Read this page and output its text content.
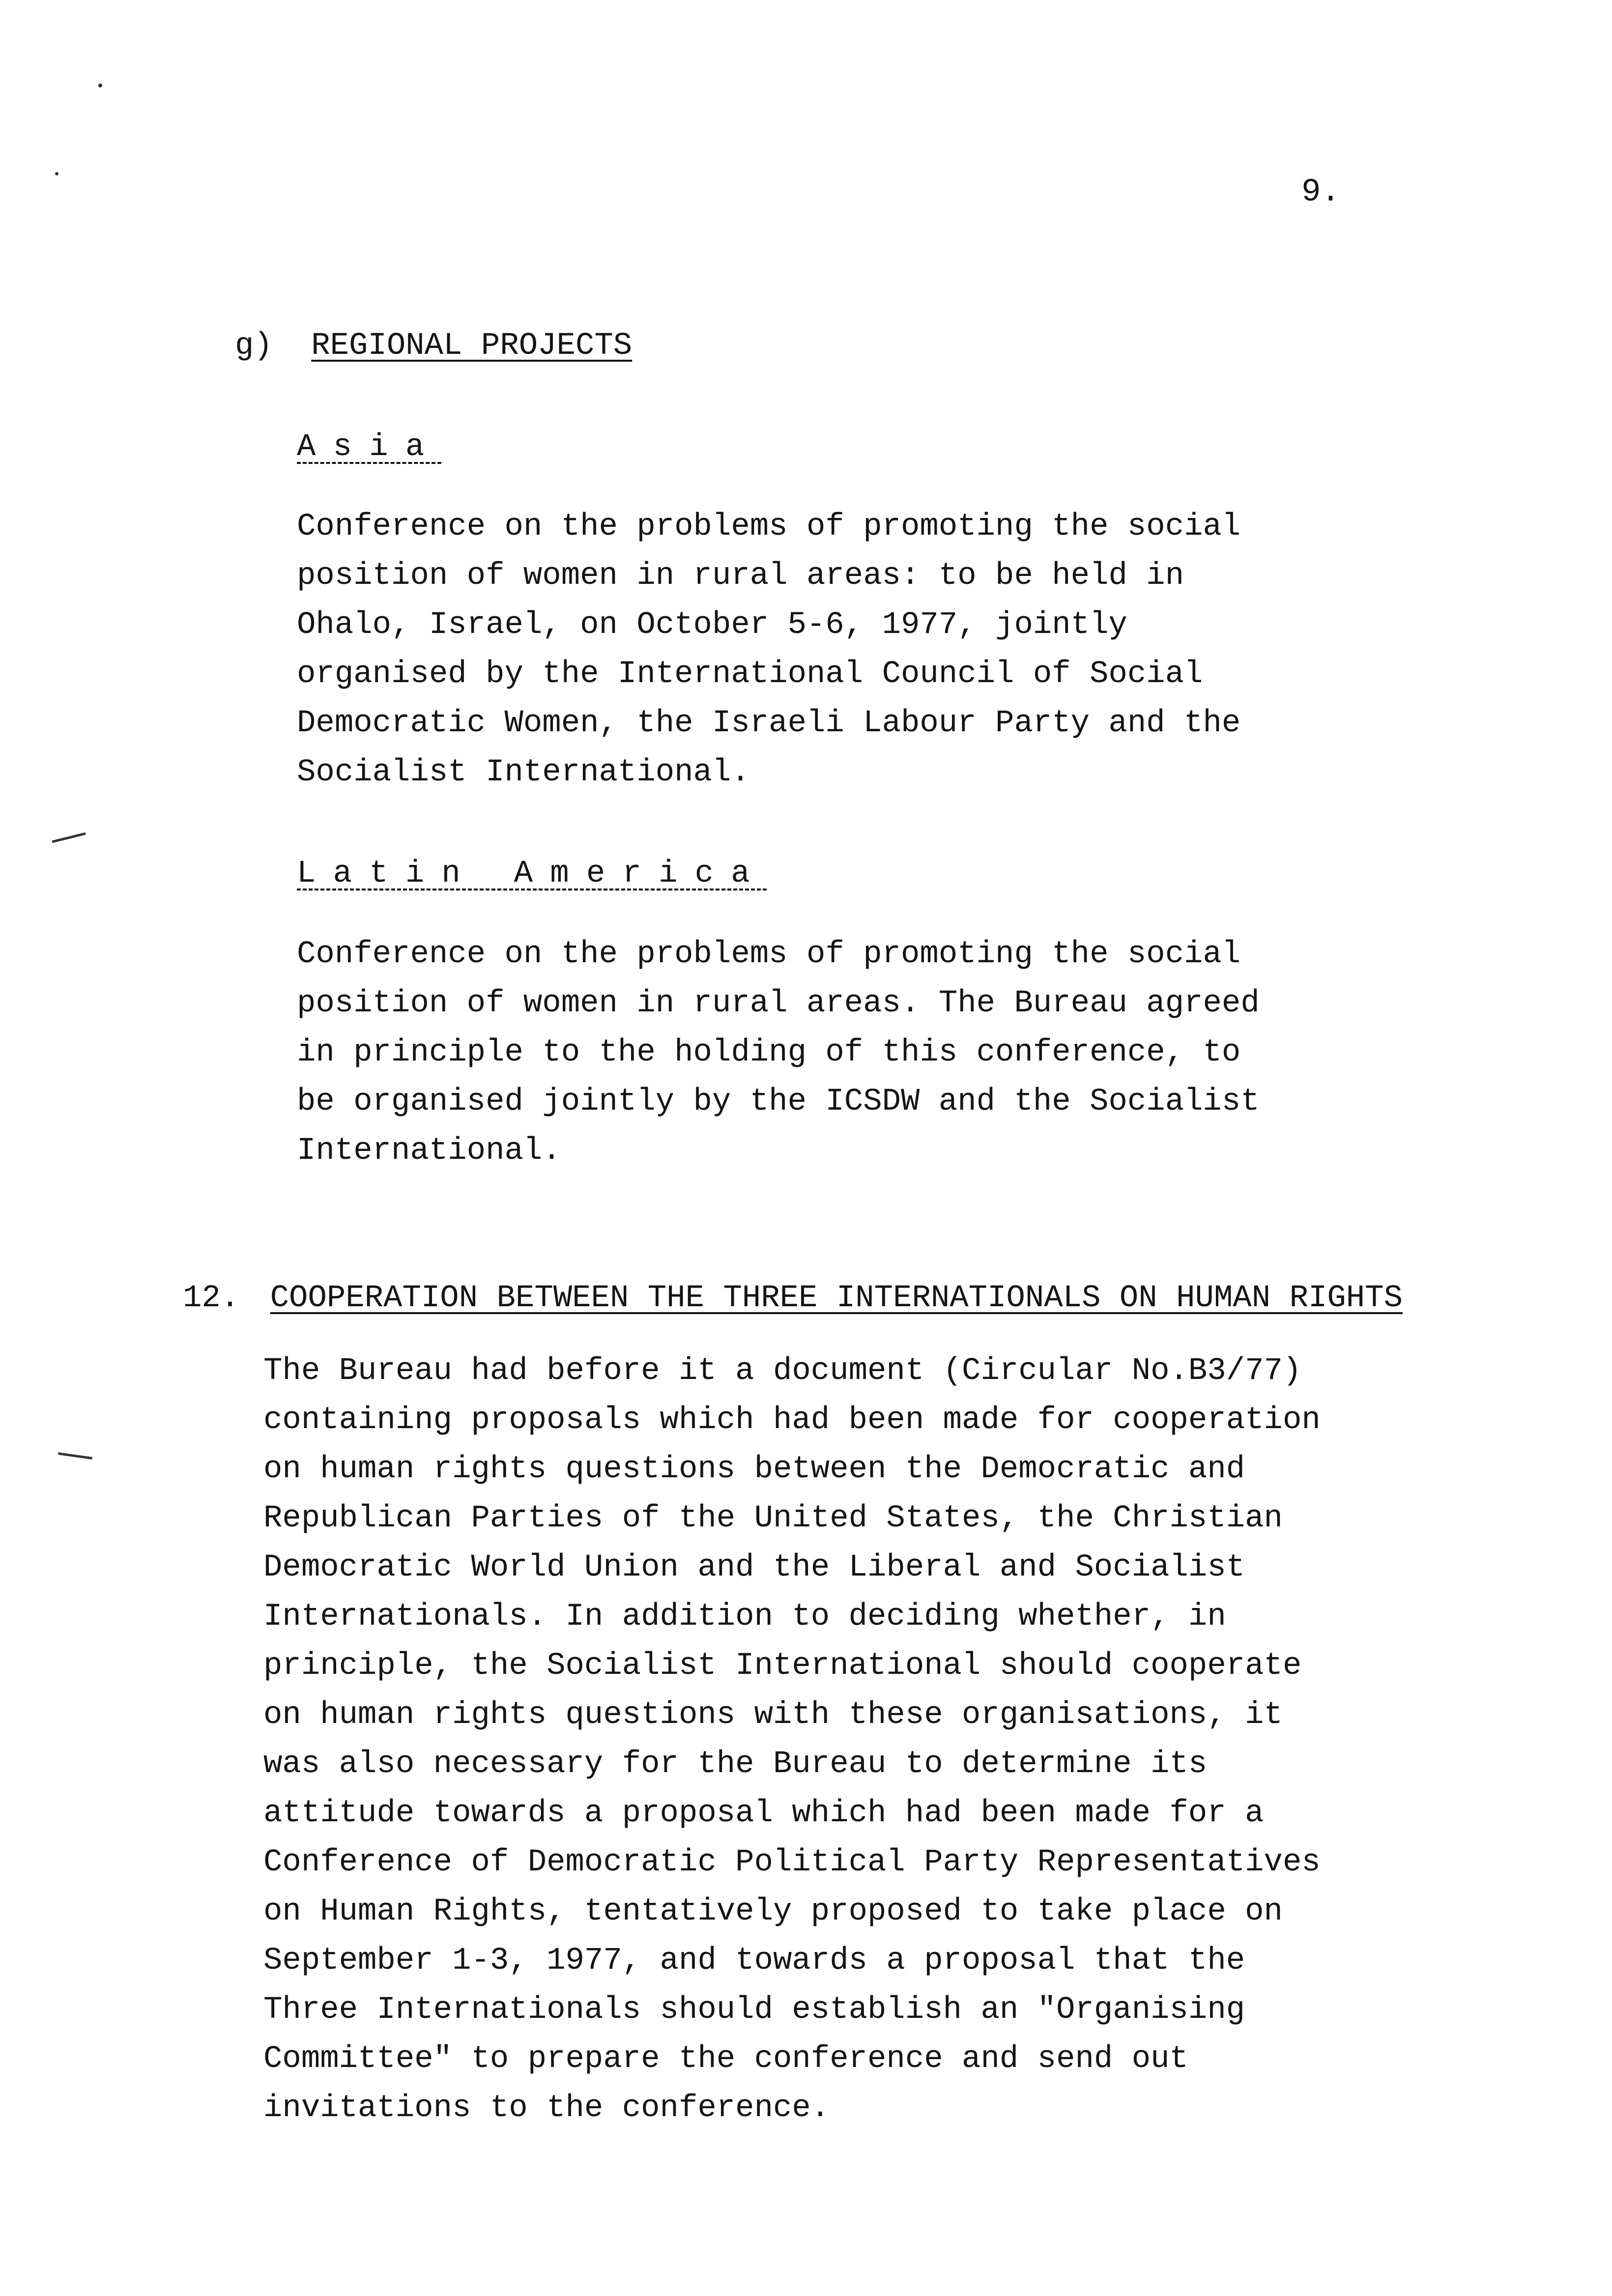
9.
g) REGIONAL PROJECTS
Asia
Conference on the problems of promoting the social
position of women in rural areas: to be held in
Ohalo, Israel, on October 5-6, 1977, jointly
organised by the International Council of Social
Democratic Women, the Israeli Labour Party and the
Socialist International.
Latin America
Conference on the problems of promoting the social
position of women in rural areas. The Bureau agreed
in principle to the holding of this conference, to
be organised jointly by the ICSDW and the Socialist
International.
12. COOPERATION BETWEEN THE THREE INTERNATIONALS ON HUMAN RIGHTS
The Bureau had before it a document (Circular No.B3/77)
containing proposals which had been made for cooperation
on human rights questions between the Democratic and
Republican Parties of the United States, the Christian
Democratic World Union and the Liberal and Socialist
Internationals. In addition to deciding whether, in
principle, the Socialist International should cooperate
on human rights questions with these organisations, it
was also necessary for the Bureau to determine its
attitude towards a proposal which had been made for a
Conference of Democratic Political Party Representatives
on Human Rights, tentatively proposed to take place on
September 1-3, 1977, and towards a proposal that the
Three Internationals should establish an "Organising
Committee" to prepare the conference and send out
invitations to the conference.
